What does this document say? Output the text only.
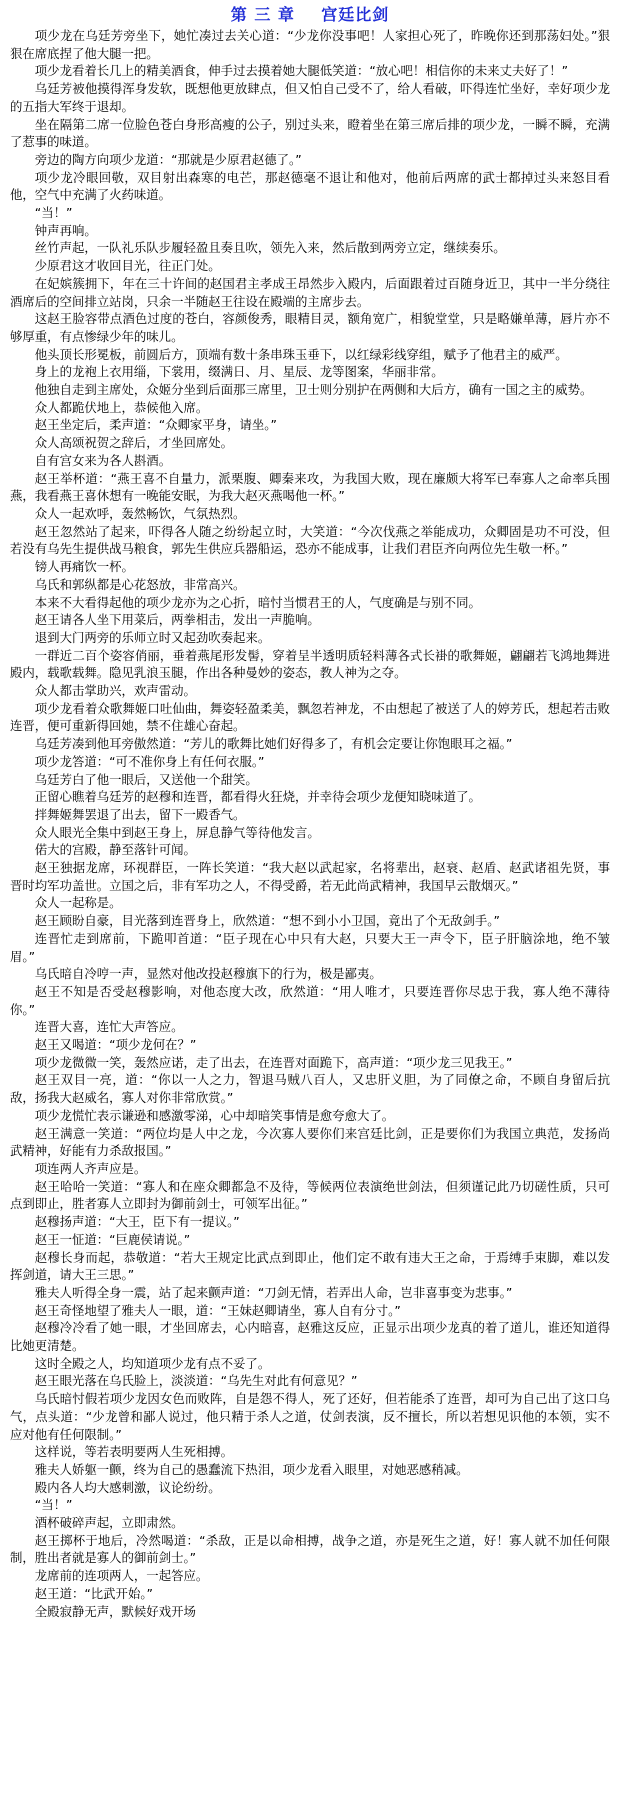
第 三 章    宫廷比剑

项少龙在乌廷芳旁坐下，她忙凑过去关心道：“少龙你没事吧！人家担心死了，昨晚你还到那荡妇处。”狠狠在席底捏了他大腿一把。

项少龙看着长几上的精美酒食，伸手过去摸着她大腿低笑道：“放心吧！相信你的未来丈夫好了！”

乌廷芳被他摸得浑身发软，既想他更放肆点，但又怕自己受不了，给人看破，吓得连忙坐好，幸好项少龙的五指大军终于退却。

坐在隔第二席一位脸色苍白身形高瘦的公子，别过头来，瞪着坐在第三席后排的项少龙，一瞬不瞬，充满了惹事的味道。

旁边的陶方向项少龙道：“那就是少原君赵德了。”

项少龙冷眼回敬，双目射出森寒的电芒，那赵德毫不退让和他对，他前后两席的武士都掉过头来怒目看他，空气中充满了火药味道。

“当！”

钟声再响。

丝竹声起，一队礼乐队步履轻盈且奏且吹，领先入来，然后散到两旁立定，继续奏乐。

少原君这才收回目光，往正门处。

在妃嫔簇拥下，年在三十许间的赵国君主孝成王昂然步入殿内，后面跟着过百随身近卫，其中一半分绕往酒席后的空间排立站岗，只余一半随赵王往设在殿端的主席步去。

这赵王脸容带点酒色过度的苍白，容颜俊秀，眼精目灵，额角宽广，相貌堂堂，只是略嫌单薄，唇片亦不够厚重，有点惨绿少年的味儿。

他头顶长形冕板，前圆后方，顶端有数十条串珠玉垂下，以红绿彩线穿组，赋予了他君主的威严。

身上的龙袍上衣用缁，下裳用，缀满日、月、星辰、龙等图案，华丽非常。

他独自走到主席处，众姬分坐到后面那三席里，卫士则分别护在两侧和大后方，确有一国之主的威势。

众人都跪伏地上，恭候他入席。

赵王坐定后，柔声道：“众卿家平身，请坐。”

众人高颂祝贺之辞后，才坐回席处。

自有宫女来为各人斟酒。

赵王举杯道：“燕王喜不自量力，派栗腹、卿秦来攻，为我国大败，现在廉颇大将军已奉寡人之命率兵围燕，我看燕王喜休想有一晚能安眠，为我大赵灭燕喝他一杯。”

众人一起欢呼，轰然畅饮，气氛热烈。

赵王忽然站了起来，吓得各人随之纷纷起立时，大笑道：“今次伐燕之举能成功，众卿固是功不可没，但若没有乌先生提供战马粮食，郭先生供应兵器船运，恐亦不能成事，让我们君臣齐向两位先生敬一杯。”

镑人再痛饮一杯。

乌氏和郭纵都是心花怒放，非常高兴。

本来不大看得起他的项少龙亦为之心折，暗忖当惯君王的人，气度确是与别不同。

赵王请各人坐下用菜后，两拳相击，发出一声脆响。

退到大门两旁的乐师立时又起劲吹奏起来。

一群近二百个姿容俏丽，垂着燕尾形发髻，穿着呈半透明质轻料薄各式长褂的歌舞姬，翩翩若飞鸿地舞进殿内，载歌载舞。隐见乳浪玉腿，作出各种曼妙的姿态，教人神为之夺。

众人都击掌助兴，欢声雷动。

项少龙看着众歌舞姬口吐仙曲，舞姿轻盈柔美，飘忽若神龙，不由想起了被送了人的婷芳氏，想起若击败连晋，便可重新得回她，禁不住雄心奋起。

乌廷芳凑到他耳旁傲然道：“芳儿的歌舞比她们好得多了，有机会定要让你饱眼耳之福。”

项少龙答道：“可不准你身上有任何衣服。”

乌廷芳白了他一眼后，又送他一个甜笑。

正留心瞧着乌廷芳的赵穆和连晋，都看得火狂烧，并幸待会项少龙便知晓味道了。

拌舞姬舞罢退了出去，留下一殿香气。

众人眼光全集中到赵王身上，屏息静气等待他发言。

偌大的宫殿，静至落针可闻。

赵王独据龙席，环视群臣，一阵长笑道：“我大赵以武起家，名将辈出，赵衰、赵盾、赵武诸祖先贤，事晋时均军功盖世。立国之后，非有军功之人，不得受爵，若无此尚武精神，我国早云散烟灭。”

众人一起称是。

赵王顾盼自豪，目光落到连晋身上，欣然道：“想不到小小卫国，竟出了个无敌剑手。”

连晋忙走到席前，下跪叩首道：“臣子现在心中只有大赵，只要大王一声令下，臣子肝脑涂地，绝不皱眉。”

乌氏暗自冷哼一声，显然对他改投赵穆旗下的行为，极是鄙夷。

赵王不知是否受赵穆影响，对他态度大改，欣然道：“用人唯才，只要连晋你尽忠于我，寡人绝不薄待你。”

连晋大喜，连忙大声答应。

赵王又喝道：“项少龙何在？”

项少龙微微一笑，轰然应诺，走了出去，在连晋对面跪下，高声道：“项少龙三见我王。”

赵王双目一亮，道：“你以一人之力，智退马贼八百人，又忠肝义胆，为了同僚之命，不顾自身留后抗敌，扬我大赵威名，寡人对你非常欣赏。”

项少龙慌忙表示谦逊和感激零涕，心中却暗笑事情是愈夸愈大了。

赵王满意一笑道：“两位均是人中之龙，今次寡人要你们来宫廷比剑，正是要你们为我国立典范，发扬尚武精神，好能有力杀敌报国。”

项连两人齐声应是。

赵王哈哈一笑道：“寡人和在座众卿都急不及待，等候两位表演绝世剑法，但须谨记此乃切磋性质，只可点到即止，胜者寡人立即封为御前剑士，可领军出征。”

赵穆扬声道：“大王，臣下有一提议。”

赵王一怔道：“巨鹿侯请说。”

赵穆长身而起，恭敬道：“若大王规定比武点到即止，他们定不敢有违大王之命，于焉缚手束脚，难以发挥剑道，请大王三思。”

雅夫人听得全身一震，站了起来颤声道：“刀剑无情，若弄出人命，岂非喜事变为悲事。”

赵王奇怪地望了雅夫人一眼，道：“王妹赵卿请坐，寡人自有分寸。”

赵穆冷冷看了她一眼，才坐回席去，心内暗喜，赵雅这反应，正显示出项少龙真的着了道儿，谁还知道得比她更清楚。

这时全殿之人，均知道项少龙有点不妥了。

赵王眼光落在乌氏脸上，淡淡道：“乌先生对此有何意见？”

乌氏暗忖假若项少龙因女色而败阵，自是怨不得人，死了还好，但若能杀了连晋，却可为自己出了这口乌气，点头道：“少龙曾和鄙人说过，他只精于杀人之道，仗剑表演，反不擅长，所以若想见识他的本领，实不应对他有任何限制。”

这样说，等若表明要两人生死相搏。

雅夫人娇躯一颤，终为自己的愚蠢流下热泪，项少龙看入眼里，对她恶感稍减。

殿内各人均大感刺激，议论纷纷。

“当！”

酒杯破碎声起，立即肃然。

赵王掷杯于地后，冷然喝道：“杀敌，正是以命相搏，战争之道，亦是死生之道，好！寡人就不加任何限制，胜出者就是寡人的御前剑士。”

龙席前的连项两人，一起答应。

赵王道：“比武开始。”

全殿寂静无声，默候好戏开场
